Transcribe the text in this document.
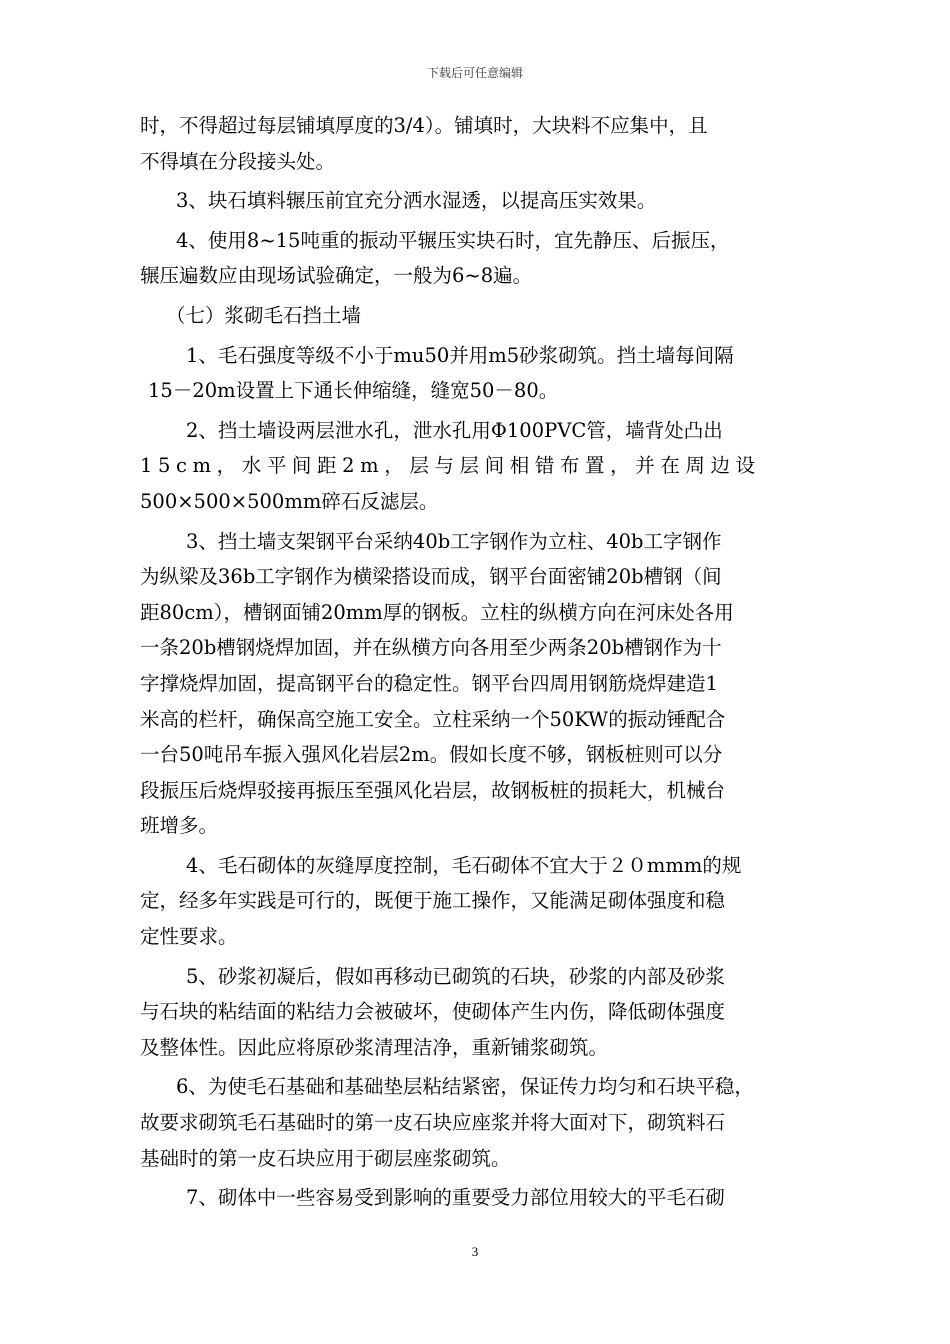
下载后可任意编辑

时，不得超过每层铺填厚度的3/4）。铺填时，大块料不应集中，且
不得填在分段接头处。

3、块石填料辗压前宜充分洒水湿透，以提高压实效果。

4、使用8~15吨重的振动平辗压实块石时，宜先静压、后振压，
辗压遍数应由现场试验确定，一般为6~8遍。

（七）浆砌毛石挡土墙

1、毛石强度等级不小于mu50并用m5砂浆砌筑。挡土墙每间隔
15－20m设置上下通长伸缩缝，缝宽50－80。

2、挡土墙设两层泄水孔，泄水孔用Φ100PVC管，墙背处凸出
15cm，水平间距2m，层与层间相错布置，并在周边设
500×500×500mm碎石反滤层。

3、挡土墙支架钢平台采纳40b工字钢作为立柱、40b工字钢作
为纵梁及36b工字钢作为横梁搭设而成，钢平台面密铺20b槽钢（间
距80cm），槽钢面铺20mm厚的钢板。立柱的纵横方向在河床处各用
一条20b槽钢烧焊加固，并在纵横方向各用至少两条20b槽钢作为十
字撑烧焊加固，提高钢平台的稳定性。钢平台四周用钢筋烧焊建造1
米高的栏杆，确保高空施工安全。立柱采纳一个50KW的振动锤配合
一台50吨吊车振入强风化岩层2m。假如长度不够，钢板桩则可以分
段振压后烧焊驳接再振压至强风化岩层，故钢板桩的损耗大，机械台
班增多。

4、毛石砌体的灰缝厚度控制，毛石砌体不宜大于２０mmm的规
定，经多年实践是可行的，既便于施工操作，又能满足砌体强度和稳
定性要求。

5、砂浆初凝后，假如再移动已砌筑的石块，砂浆的内部及砂浆
与石块的粘结面的粘结力会被破坏，使砌体产生内伤，降低砌体强度
及整体性。因此应将原砂浆清理洁净，重新铺浆砌筑。

6、为使毛石基础和基础垫层粘结紧密，保证传力均匀和石块平稳，
故要求砌筑毛石基础时的第一皮石块应座浆并将大面对下，砌筑料石
基础时的第一皮石块应用于砌层座浆砌筑。

7、砌体中一些容易受到影响的重要受力部位用较大的平毛石砌

3
